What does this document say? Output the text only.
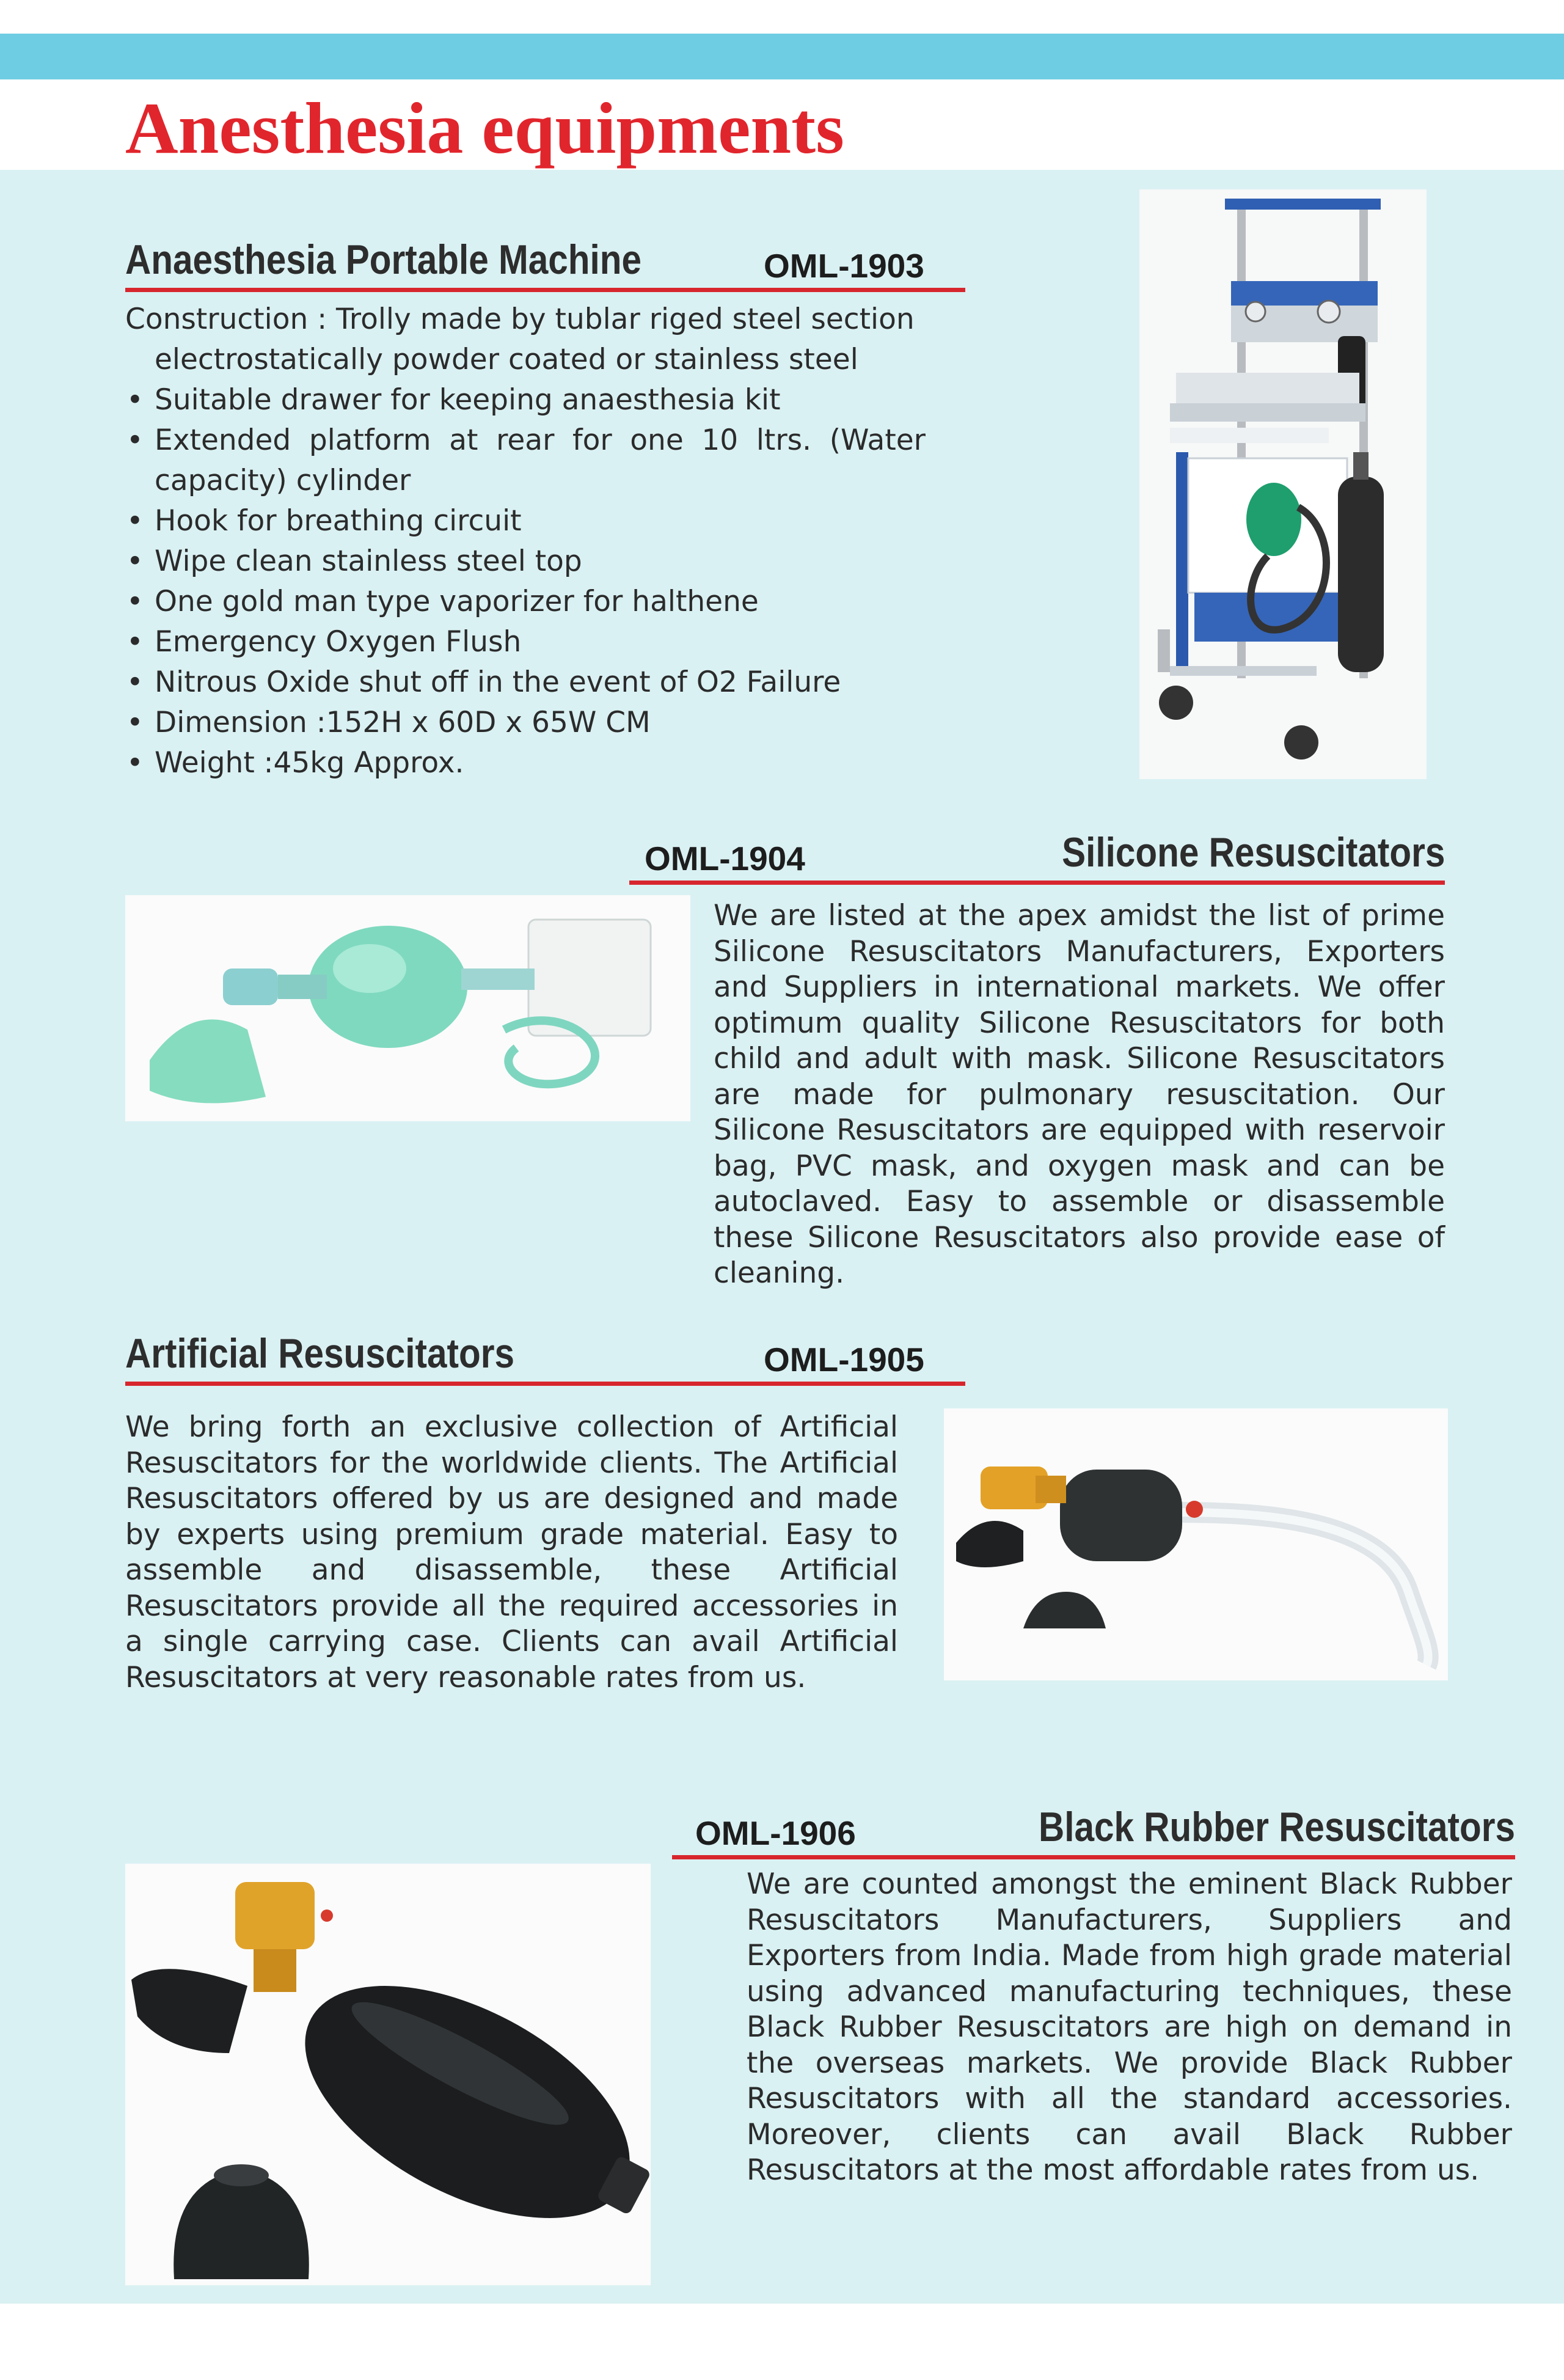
Anesthesia equipments
Anaesthesia Portable Machine	OML-1903
Construction : Trolly made by tublar riged steel section electrostatically powder coated or stainless steel
• Suitable drawer for keeping anaesthesia kit
• Extended platform at rear for one 10 ltrs. (Water capacity) cylinder
• Hook for breathing circuit
• Wipe clean stainless steel top
• One gold man type vaporizer for halthene
• Emergency Oxygen Flush
• Nitrous Oxide shut off in the event of O2 Failure
• Dimension :152H x 60D x 65W CM
• Weight :45kg Approx.
OML-1904	Silicone Resuscitators
We are listed at the apex amidst the list of prime Silicone Resuscitators Manufacturers, Exporters and Suppliers in international markets. We offer optimum quality Silicone Resuscitators for both child and adult with mask. Silicone Resuscitators are made for pulmonary resuscitation. Our Silicone Resuscitators are equipped with reservoir bag, PVC mask, and oxygen mask and can be autoclaved. Easy to assemble or disassemble these Silicone Resuscitators also provide ease of cleaning.
Artificial Resuscitators	OML-1905
We bring forth an exclusive collection of Artificial Resuscitators for the worldwide clients. The Artificial Resuscitators offered by us are designed and made by experts using premium grade material. Easy to assemble and disassemble, these Artificial Resuscitators provide all the required accessories in a single carrying case. Clients can avail Artificial Resuscitators at very reasonable rates from us.
OML-1906	Black Rubber Resuscitators
We are counted amongst the eminent Black Rubber Resuscitators Manufacturers, Suppliers and Exporters from India. Made from high grade material using advanced manufacturing techniques, these Black Rubber Resuscitators are high on demand in the overseas markets. We provide Black Rubber Resuscitators with all the standard accessories. Moreover, clients can avail Black Rubber Resuscitators at the most affordable rates from us.
